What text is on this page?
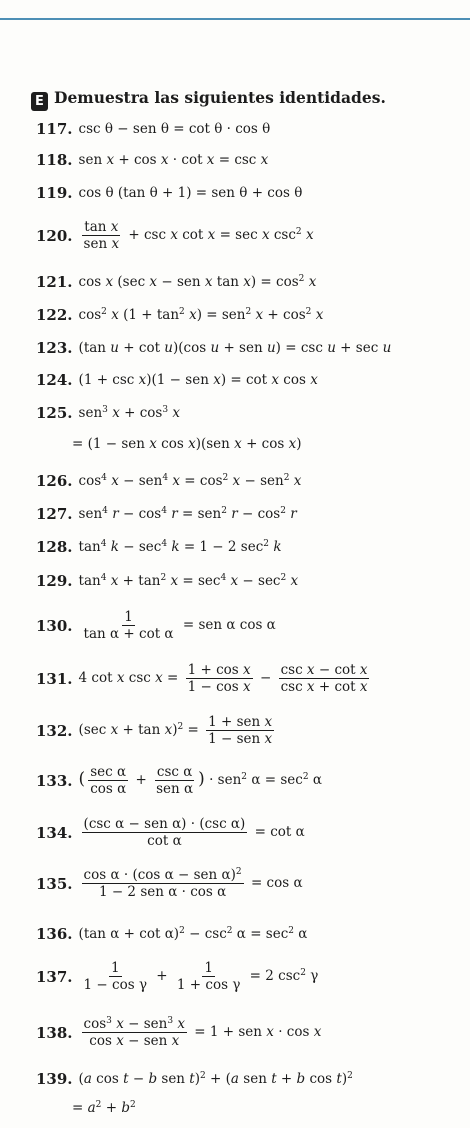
E Demuestra las siguientes identidades.
117. csc θ − sen θ = cot θ · cos θ
118. sen x + cos x · cot x = csc x
119. cos θ (tan θ + 1) = sen θ + cos θ
120. $\frac{\text{tan x}}{\text{sen x}} + \csc x$ cot x = sec x $\csc^2 x$
121. cos x (sec x − sen x $\tan x) = \cos^2 x$
122. $\cos^2 x$ $(1 + \tan^2 x) = sen^2$ $x + \cos^2 x$
123. (tan u + cot u)(cos u + sen u) = csc u + sec u
124. (1 + csc x)(1 − sen x) = cot x cos x
125. sen$^3$ $x + \cos^3 x$
= (1 − sen x cos x)(sen x + cos x)
126. $\cos^4 x - sen^4$ $x = \cos^2 x - sen^2$ x
127. sen$^4$ $r - \cos^4 r = sen^2$ $r - \cos^2 r$
128. $\tan^4 k - \sec^4 k = 1 - 2$ $\sec^2 k$
129. $\tan^4 x + \tan^2 x = \sec^4 x - \sec^2 x$
130. $\frac{1}{\text{tan α + cot α}}$ = sen α cos α
131. 4 cot x $\csc x = \frac{\text{1 + cos x}}{\text{1 − cos x}} - \frac{\text{csc x − cot x}}{\text{csc x + cot x}}$
132. (sec $x + \tan x)^2 = \frac{\text{1 + sen x}}{\text{1 − sen x}}$
133. ( $\frac{\text{sec α}}{\text{cos α}} + \frac{\text{csc α}}{\text{sen α}}$ ) · sen$^2$ $\alpha = \sec^2 \alpha$
134. $\frac{\text{(csc α − sen α) · (csc α)}}{\text{cot α}} = \cot \alpha$
135. $\frac{\cos \alpha \cdot (\cos \alpha - sen \alpha)^2}{\text{1 − 2 sen α · cos α}} = \cos \alpha$
136. (tan $\alpha + \cot \alpha)^2 - \csc^2 \alpha = \sec^2 \alpha$
137. $\frac{1}{\text{1 − cos γ}} + \frac{1}{\text{1 + cos γ}} = 2$ $\csc^2 \gamma$
138. $\frac{\cos^3 x - sen^3 x}{\text{cos x − sen x}} = 1$ + sen x · cos x
139. (a cos t − b sen t)$^2$ + (a sen t + b cos t)$^2$
= $a^2 + b^2$
